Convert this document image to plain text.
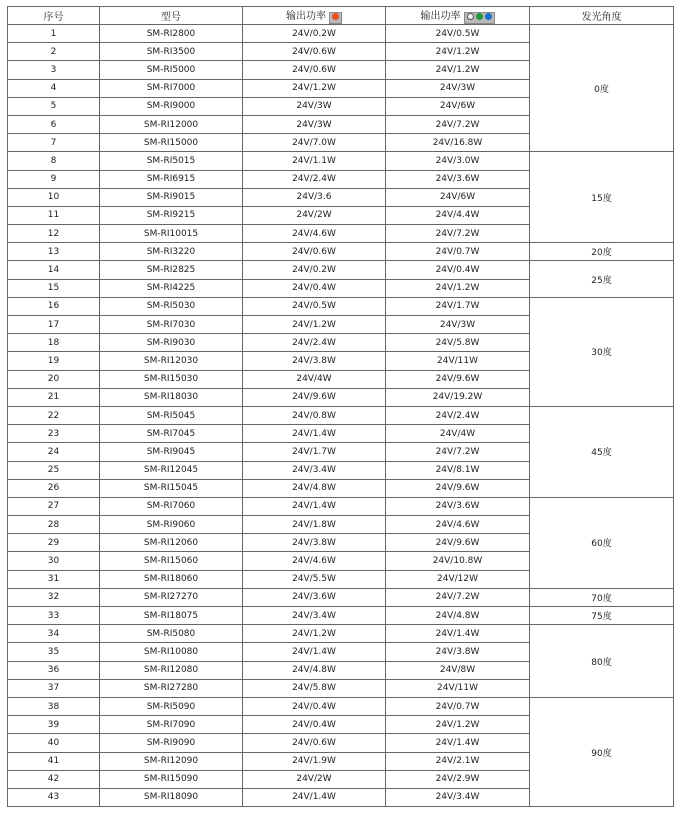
序号	型号	输出功率	输出功率	发光角度
1	SM-RI2800	24V/0.2W	24V/0.5W	0度
2	SM-RI3500	24V/0.6W	24V/1.2W	
3	SM-RI5000	24V/0.6W	24V/1.2W	
4	SM-RI7000	24V/1.2W	24V/3W	
5	SM-RI9000	24V/3W	24V/6W	
6	SM-RI12000	24V/3W	24V/7.2W	
7	SM-RI15000	24V/7.0W	24V/16.8W	
8	SM-RI5015	24V/1.1W	24V/3.0W	15度
9	SM-RI6915	24V/2.4W	24V/3.6W	
10	SM-RI9015	24V/3.6	24V/6W	
11	SM-RI9215	24V/2W	24V/4.4W	
12	SM-RI10015	24V/4.6W	24V/7.2W	
13	SM-RI3220	24V/0.6W	24V/0.7W	20度
14	SM-RI2825	24V/0.2W	24V/0.4W	25度
15	SM-RI4225	24V/0.4W	24V/1.2W	
16	SM-RI5030	24V/0.5W	24V/1.7W	30度
17	SM-RI7030	24V/1.2W	24V/3W	
18	SM-RI9030	24V/2.4W	24V/5.8W	
19	SM-RI12030	24V/3.8W	24V/11W	
20	SM-RI15030	24V/4W	24V/9.6W	
21	SM-RI18030	24V/9.6W	24V/19.2W	
22	SM-RI5045	24V/0.8W	24V/2.4W	45度
23	SM-RI7045	24V/1.4W	24V/4W	
24	SM-RI9045	24V/1.7W	24V/7.2W	
25	SM-RI12045	24V/3.4W	24V/8.1W	
26	SM-RI15045	24V/4.8W	24V/9.6W	
27	SM-RI7060	24V/1.4W	24V/3.6W	60度
28	SM-RI9060	24V/1.8W	24V/4.6W	
29	SM-RI12060	24V/3.8W	24V/9.6W	
30	SM-RI15060	24V/4.6W	24V/10.8W	
31	SM-RI18060	24V/5.5W	24V/12W	
32	SM-RI27270	24V/3.6W	24V/7.2W	70度
33	SM-RI18075	24V/3.4W	24V/4.8W	75度
34	SM-RI5080	24V/1.2W	24V/1.4W	80度
35	SM-RI10080	24V/1.4W	24V/3.8W	
36	SM-RI12080	24V/4.8W	24V/8W	
37	SM-RI27280	24V/5.8W	24V/11W	
38	SM-RI5090	24V/0.4W	24V/0.7W	90度
39	SM-RI7090	24V/0.4W	24V/1.2W	
40	SM-RI9090	24V/0.6W	24V/1.4W	
41	SM-RI12090	24V/1.9W	24V/2.1W	
42	SM-RI15090	24V/2W	24V/2.9W	
43	SM-RI18090	24V/1.4W	24V/3.4W	
